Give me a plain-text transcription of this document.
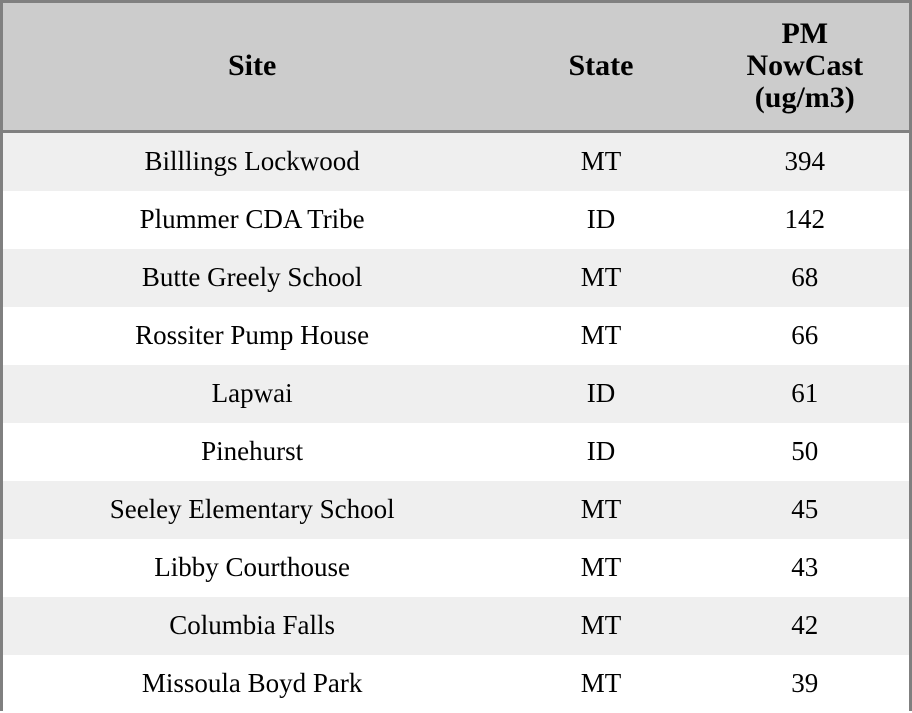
Site	State	PM
NowCast
(ug/m3)

Billlings Lockwood	MT	394

Plummer CDA Tribe	ID	142

Butte Greely School	MT	68

Rossiter Pump House	MT	66

Lapwai	ID	61

Pinehurst	ID	50

Seeley Elementary School	MT	45

Libby Courthouse	MT	43

Columbia Falls	MT	42

Missoula Boyd Park	MT	39
